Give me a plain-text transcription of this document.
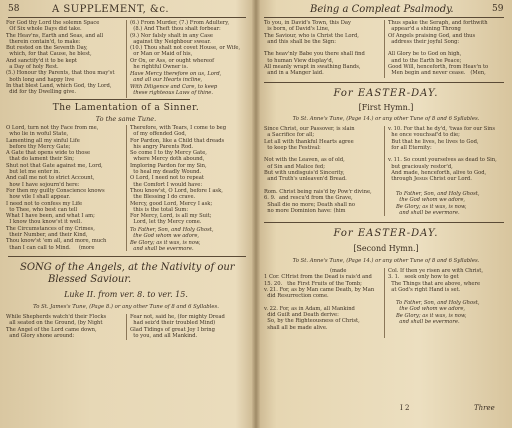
58	A SUPPLEMENT, &c.
For God thy Lord the solemn Space
Of Six whole Days did take.
The Heav'ns, Earth and Seas, and all
therein contain'd, to make:
But rested on the Seventh Day,
which, for that Cause, he blest,
And sanctify'd it to be kept
a Day of holy Rest.
(5.) Honour thy Parents, that thou may'st
both long and happy live
In that blest Land, which God, thy Lord,
did for thy Dwelling give.
(6.) From Murder, (7.) From Adultery,
(8.) And Theft thou shalt forbear:
(9.) Nor falsly shalt in any Case
against thy Neighbour swear.
(10.) Thou shalt not covet House, or Wife,
or Man or Maid of his,
Or Ox, or Ass, or ought whereof
he rightful Owner is.
Have Mercy therefore on us, Lord,
and all our Hearts incline,
With Diligence and Care, to keep
these righteous Laws of thine.
The Lamentation of a Sinner.
To the same Tune.
O Lord, turn not thy Face from me,
who lie in woful State,
Lamenting all my sinful Life
before thy Mercy Gate;
A Gate that opens wide to those
that do lament their Sin;
Shut not that Gate against me, Lord,
but let me enter in.
And call me not to strict Account,
how I have sojourn'd here:
For then my guilty Conscience knows
how vile I shall appear.
I need not to confess my Life
to Thee, who best can tell
What I have been, and what I am;
I know thou know'st it well.
The Circumstances of my Crimes,
their Number, and their Kind,
Thou know'st 'em all, and more, much
than I can call to Mind.     (more
Therefore, with Tears, I come to beg
of my offended God,
For Pardon, like a Child that dreads
his angry Parents Rod.
So come I to thy Mercy Gate,
where Mercy doth abound,
Imploring Pardon for my Sin,
to heal my deadly Wound.
O Lord, I need not to repeat
the Comfort I would have:
Thou know'st, O Lord, before I ask,
the Blessing I do crave.
Mercy, good Lord, Mercy I ask;
this is the total Sum:
For Mercy, Lord, is all my Suit;
Lord, let thy Mercy come.
To Father, Son, and Holy Ghost,
the God whom we adore,
Be Glory; as it was, is now,
and shall be evermore.
SONG of the Angels, at the Nativity of our
Blessed Saviour.
Luke II. from ver. 8. to ver. 15.
To St. James's Tune, (Page 8.) or any other Tune of 8 and 6 Syllables.
While Shepherds watch'd their Flocks
all seated on the Ground, (by Night
The Angel of the Lord came down,
and Glory shone around:
Fear not, said he, (for mighty Dread
had seiz'd their troubled Mind)
Glad Tidings of great Joy I bring
to you, and all Mankind.
Being a Compleat Psalmody.	59
To you, in David's Town, this Day
is born, of David's Line,
The Saviour, who is Christ the Lord,
and this shall be the Sign:

The heav'nly Babe you there shall find
to human View display'd,
All meanly wrapt in swathing Bands,
and in a Manger laid.
Thus spake the Seraph, and forthwith
appear'd a shining Throng
Of Angels praising God, and thus
address their joyful Song:

All Glory be to God on high,
and to the Earth be Peace;
Good Will, henceforth, from Heav'n to
Men begin and never cease.   (Men,
For EASTER-DAY.
[First Hymn.]
To St. Anne's Tune, (Page 14.) or any other Tune of 8 and 6 Syllables.
Since Christ, our Passover, is slain
a Sacrifice for all;
Let all with thankful Hearts agree
to keep the Festival:

Not with the Leaven, as of old,
of Sin and Malice fed;
But with undisguis'd Sincerity,
and Truth's unleaven'd Bread.

Rom. Christ being rais'd by Pow'r divine,
6. 9.  and rescu'd from the Grave,
Shall die no more; Death shall no
no more Dominion have: (him
v. 10. For that he dy'd, 'twas for our Sins
he once vouchsaf'd to die;
But that he lives, he lives to God,
for all Eternity:

v. 11. So count yourselves as dead to Sin,
but graciously restor'd,
And made, henceforth, alive to God,
through Jesus Christ our Lord.
To Father, Son, and Holy Ghost,
the God whom we adore,
Be Glory; as it was, is now,
and shall be evermore.
For EASTER-DAY.
[Second Hymn.]
To St. Anne's Tune, (Page 14.) or any other Tune of 8 and 6 Syllables.
(made
1 Cor. CHrist from the Dead is rais'd and
15. 20.   the First Fruits of the Tomb;
v. 21. For, as by Man came Death, by Man
did Resurrection come.

v. 22. For, as in Adam, all Mankind
did Guilt and Death derive:
So, by the Righteousness of Christ,
shall all be made alive.
Col. If then ye risen are with Christ,
3. 1.   seek only how to get
The Things that are above, where
at God's right Hand is set.
To Father, Son, and Holy Ghost,
the God whom we adore,
Be Glory; as it was, is now,
and shall be evermore.
I 2	Three
